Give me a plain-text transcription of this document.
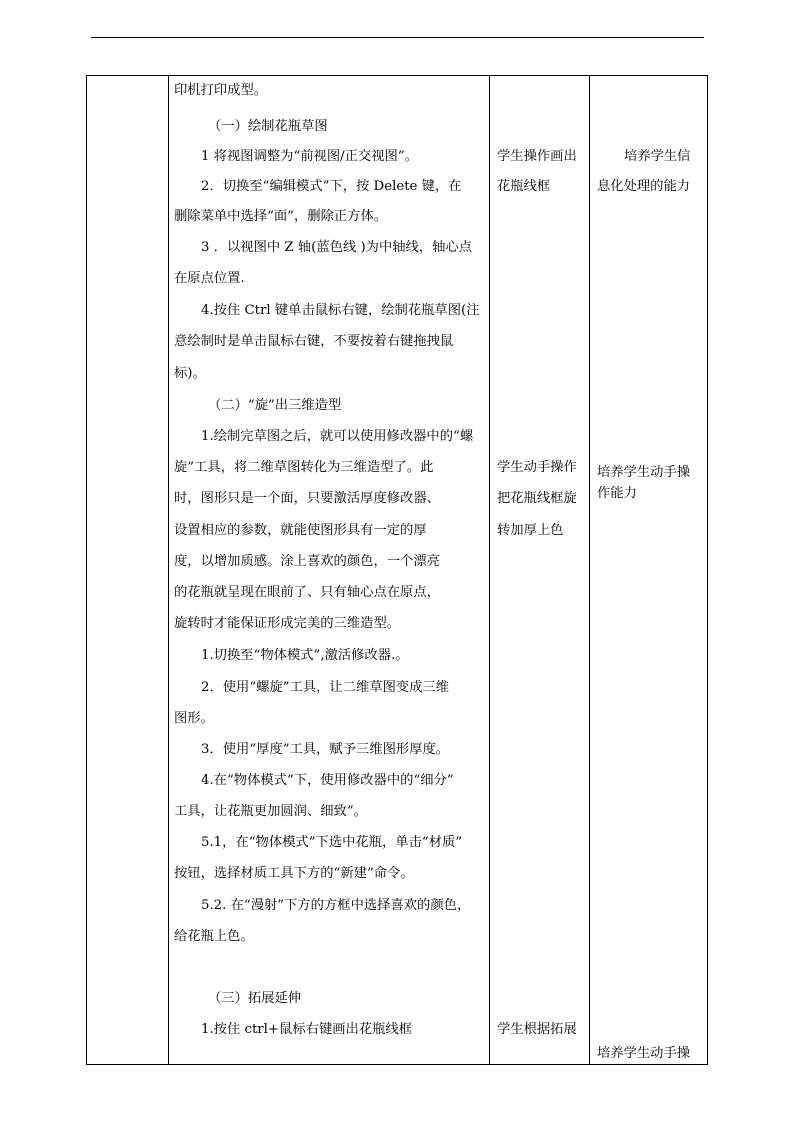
印机打印成型。
（一）绘制花瓶草图
1 将视图调整为“前视图/正交视图”。
2．切换至“编辑模式”下，按 Delete 键，在
删除菜单中选择“面”，删除正方体。
3 ．以视图中 Z 轴(蓝色线 )为中轴线，轴心点
在原点位置.
4.按住 Ctrl 键单击鼠标右键，绘制花瓶草图(注
意绘制时是单击鼠标右键，不要按着右键拖拽鼠
标)。
（二）“旋”出三维造型
1.绘制完草图之后，就可以使用修改器中的“螺
旋”工具，将二维草图转化为三维造型了。此
时，图形只是一个面，只要激活厚度修改器、
设置相应的参数，就能使图形具有一定的厚
度，以增加质感。涂上喜欢的颜色，一个漂亮
的花瓶就呈现在眼前了、只有轴心点在原点，
旋转时才能保证形成完美的三维造型。
1.切换至“物体模式”,激活修改器.。
2．使用“螺旋”工具，让二维草图变成三维
图形。
3．使用“厚度”工具，赋予三维图形厚度。
4.在“物体模式”下，使用修改器中的“细分”
工具，让花瓶更加圆润、细致”。
5.1，在“物体模式”下选中花瓶，单击“材质”
按钮，选择材质工具下方的“新建”命令。
5.2. 在“漫射”下方的方框中选择喜欢的颜色，
给花瓶上色。
（三）拓展延伸
1.按住 ctrl+鼠标右键画出花瓶线框
学生操作画出
花瓶线框
学生动手操作
把花瓶线框旋
转加厚上色
学生根据拓展
培养学生信
息化处理的能力
培养学生动手操
作能力
培养学生动手操
